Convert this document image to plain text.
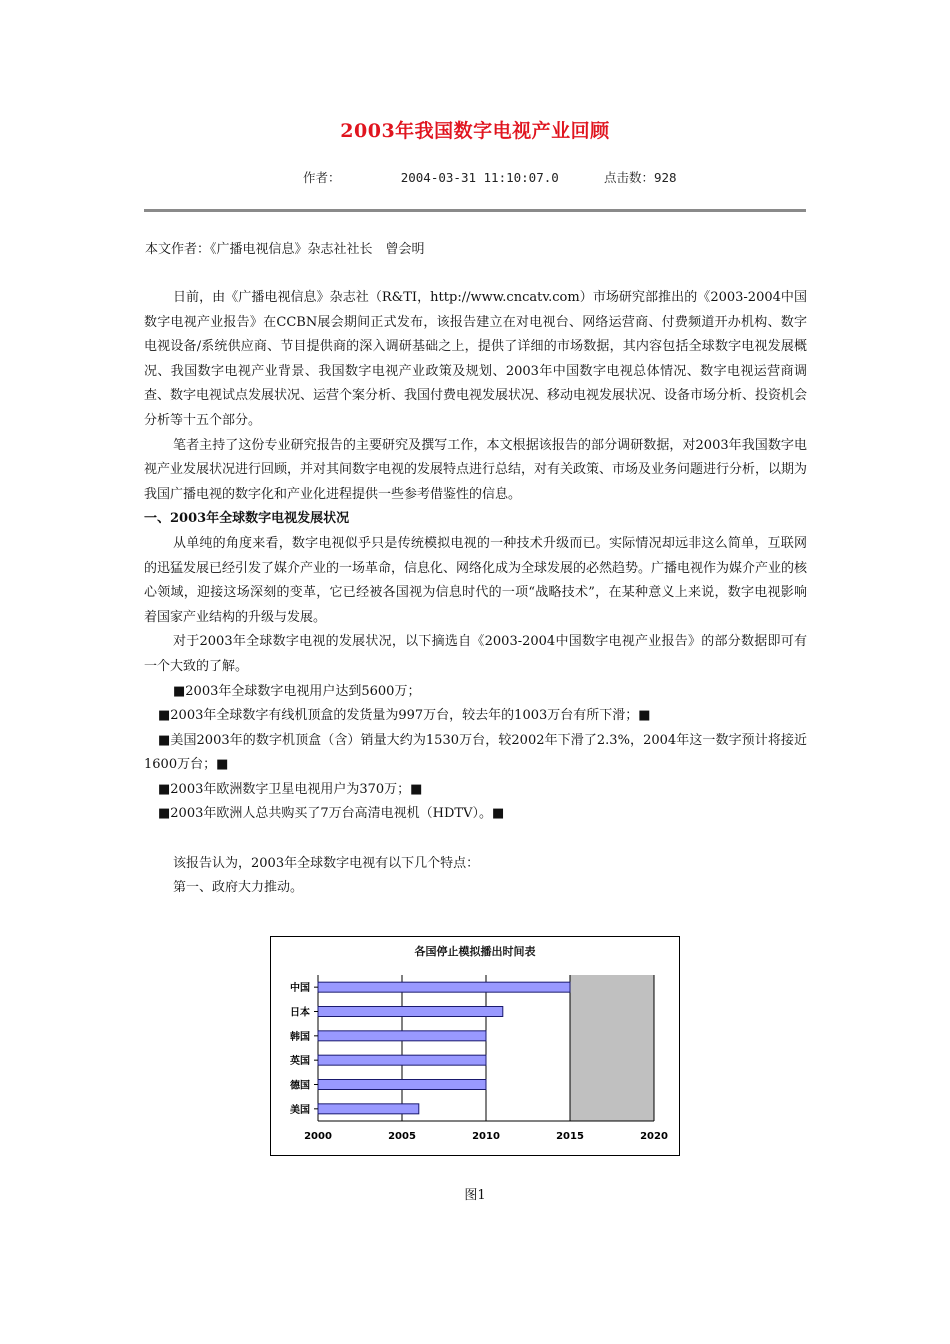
2003年我国数字电视产业回顾
作者：	2004-03-31 11:10:07.0	点击数：928
本文作者：《广播电视信息》杂志社社长　曾会明

日前，由《广播电视信息》杂志社（R&TI，http://www.cncatv.com）市场研究部推出的《2003-2004中国数字电视产业报告》在CCBN展会期间正式发布，该报告建立在对电视台、网络运营商、付费频道开办机构、数字电视设备/系统供应商、节目提供商的深入调研基础之上，提供了详细的市场数据，其内容包括全球数字电视发展概况、我国数字电视产业背景、我国数字电视产业政策及规划、2003年中国数字电视总体情况、数字电视运营商调查、数字电视试点发展状况、运营个案分析、我国付费电视发展状况、移动电视发展状况、设备市场分析、投资机会分析等十五个部分。

笔者主持了这份专业研究报告的主要研究及撰写工作，本文根据该报告的部分调研数据，对2003年我国数字电视产业发展状况进行回顾，并对其间数字电视的发展特点进行总结，对有关政策、市场及业务问题进行分析，以期为我国广播电视的数字化和产业化进程提供一些参考借鉴性的信息。

一、2003年全球数字电视发展状况

从单纯的角度来看，数字电视似乎只是传统模拟电视的一种技术升级而已。实际情况却远非这么简单，互联网的迅猛发展已经引发了媒介产业的一场革命，信息化、网络化成为全球发展的必然趋势。广播电视作为媒介产业的核心领域，迎接这场深刻的变革，它已经被各国视为信息时代的一项“战略技术”，在某种意义上来说，数字电视影响着国家产业结构的升级与发展。

对于2003年全球数字电视的发展状况，以下摘选自《2003-2004中国数字电视产业报告》的部分数据即可有一个大致的了解。

■2003年全球数字电视用户达到5600万；

■2003年全球数字有线机顶盒的发货量为997万台，较去年的1003万台有所下滑；■

■美国2003年的数字机顶盒（含）销量大约为1530万台，较2002年下滑了2.3%，2004年这一数字预计将接近1600万台；■

■2003年欧洲数字卫星电视用户为370万；■

■2003年欧洲人总共购买了7万台高清电视机（HDTV）。■

该报告认为，2003年全球数字电视有以下几个特点：

第一、政府大力推动。

各国停止模拟播出时间表
中国
日本
韩国
英国
德国
美国
2000	2005	2010	2015	2020
图1
